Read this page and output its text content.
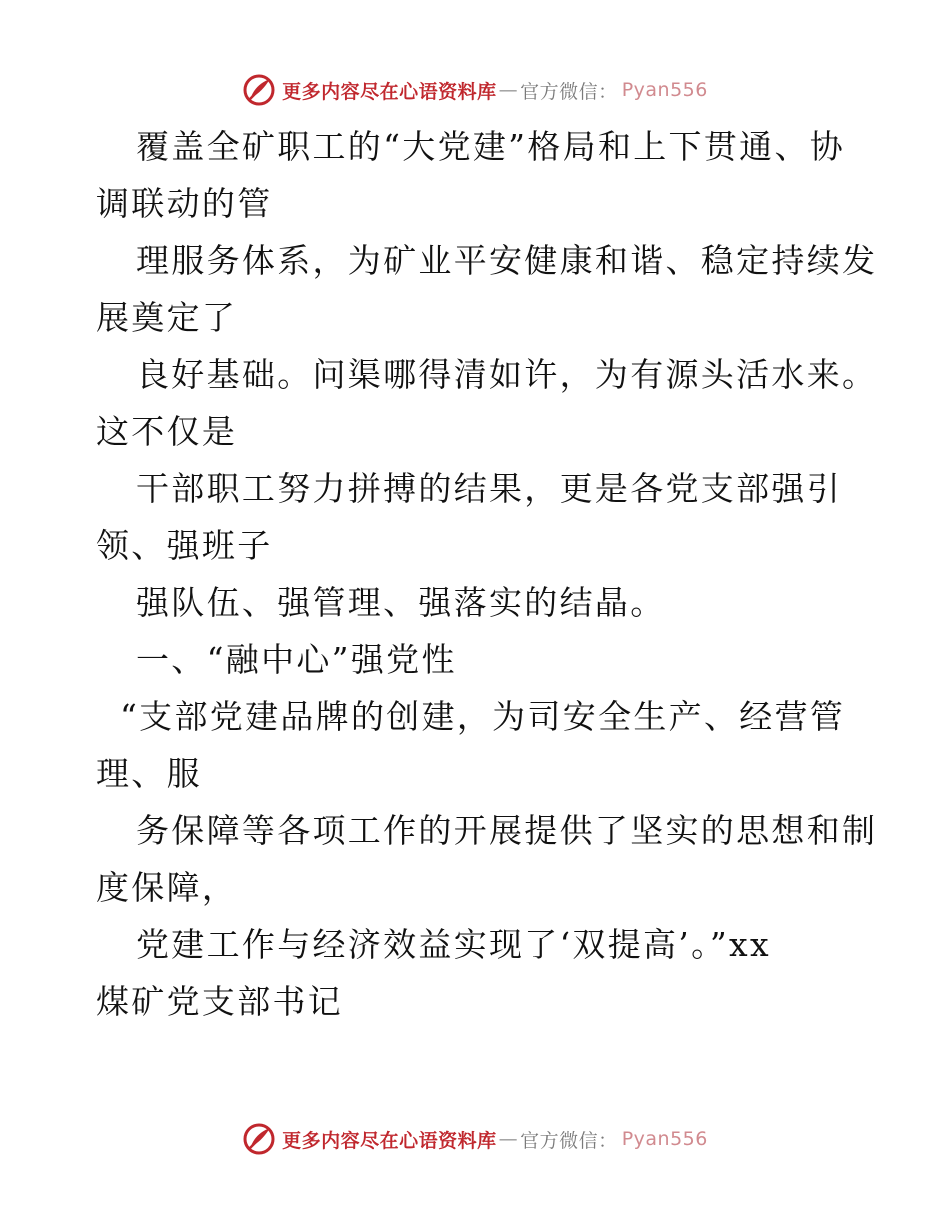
更多内容尽在心语资料库 — 官方微信： Pyan556
覆盖全矿职工的“大党建”格局和上下贯通、协
调联动的管
理服务体系，为矿业平安健康和谐、稳定持续发
展奠定了
良好基础。问渠哪得清如许，为有源头活水来。
这不仅是
干部职工努力拼搏的结果，更是各党支部强引
领、强班子
强队伍、强管理、强落实的结晶。
一、“融中心”强党性
“支部党建品牌的创建，为司安全生产、经营管
理、服
务保障等各项工作的开展提供了坚实的思想和制
度保障，
党建工作与经济效益实现了‘双提高’。”xx
煤矿党支部书记
更多内容尽在心语资料库 — 官方微信： Pyan556
